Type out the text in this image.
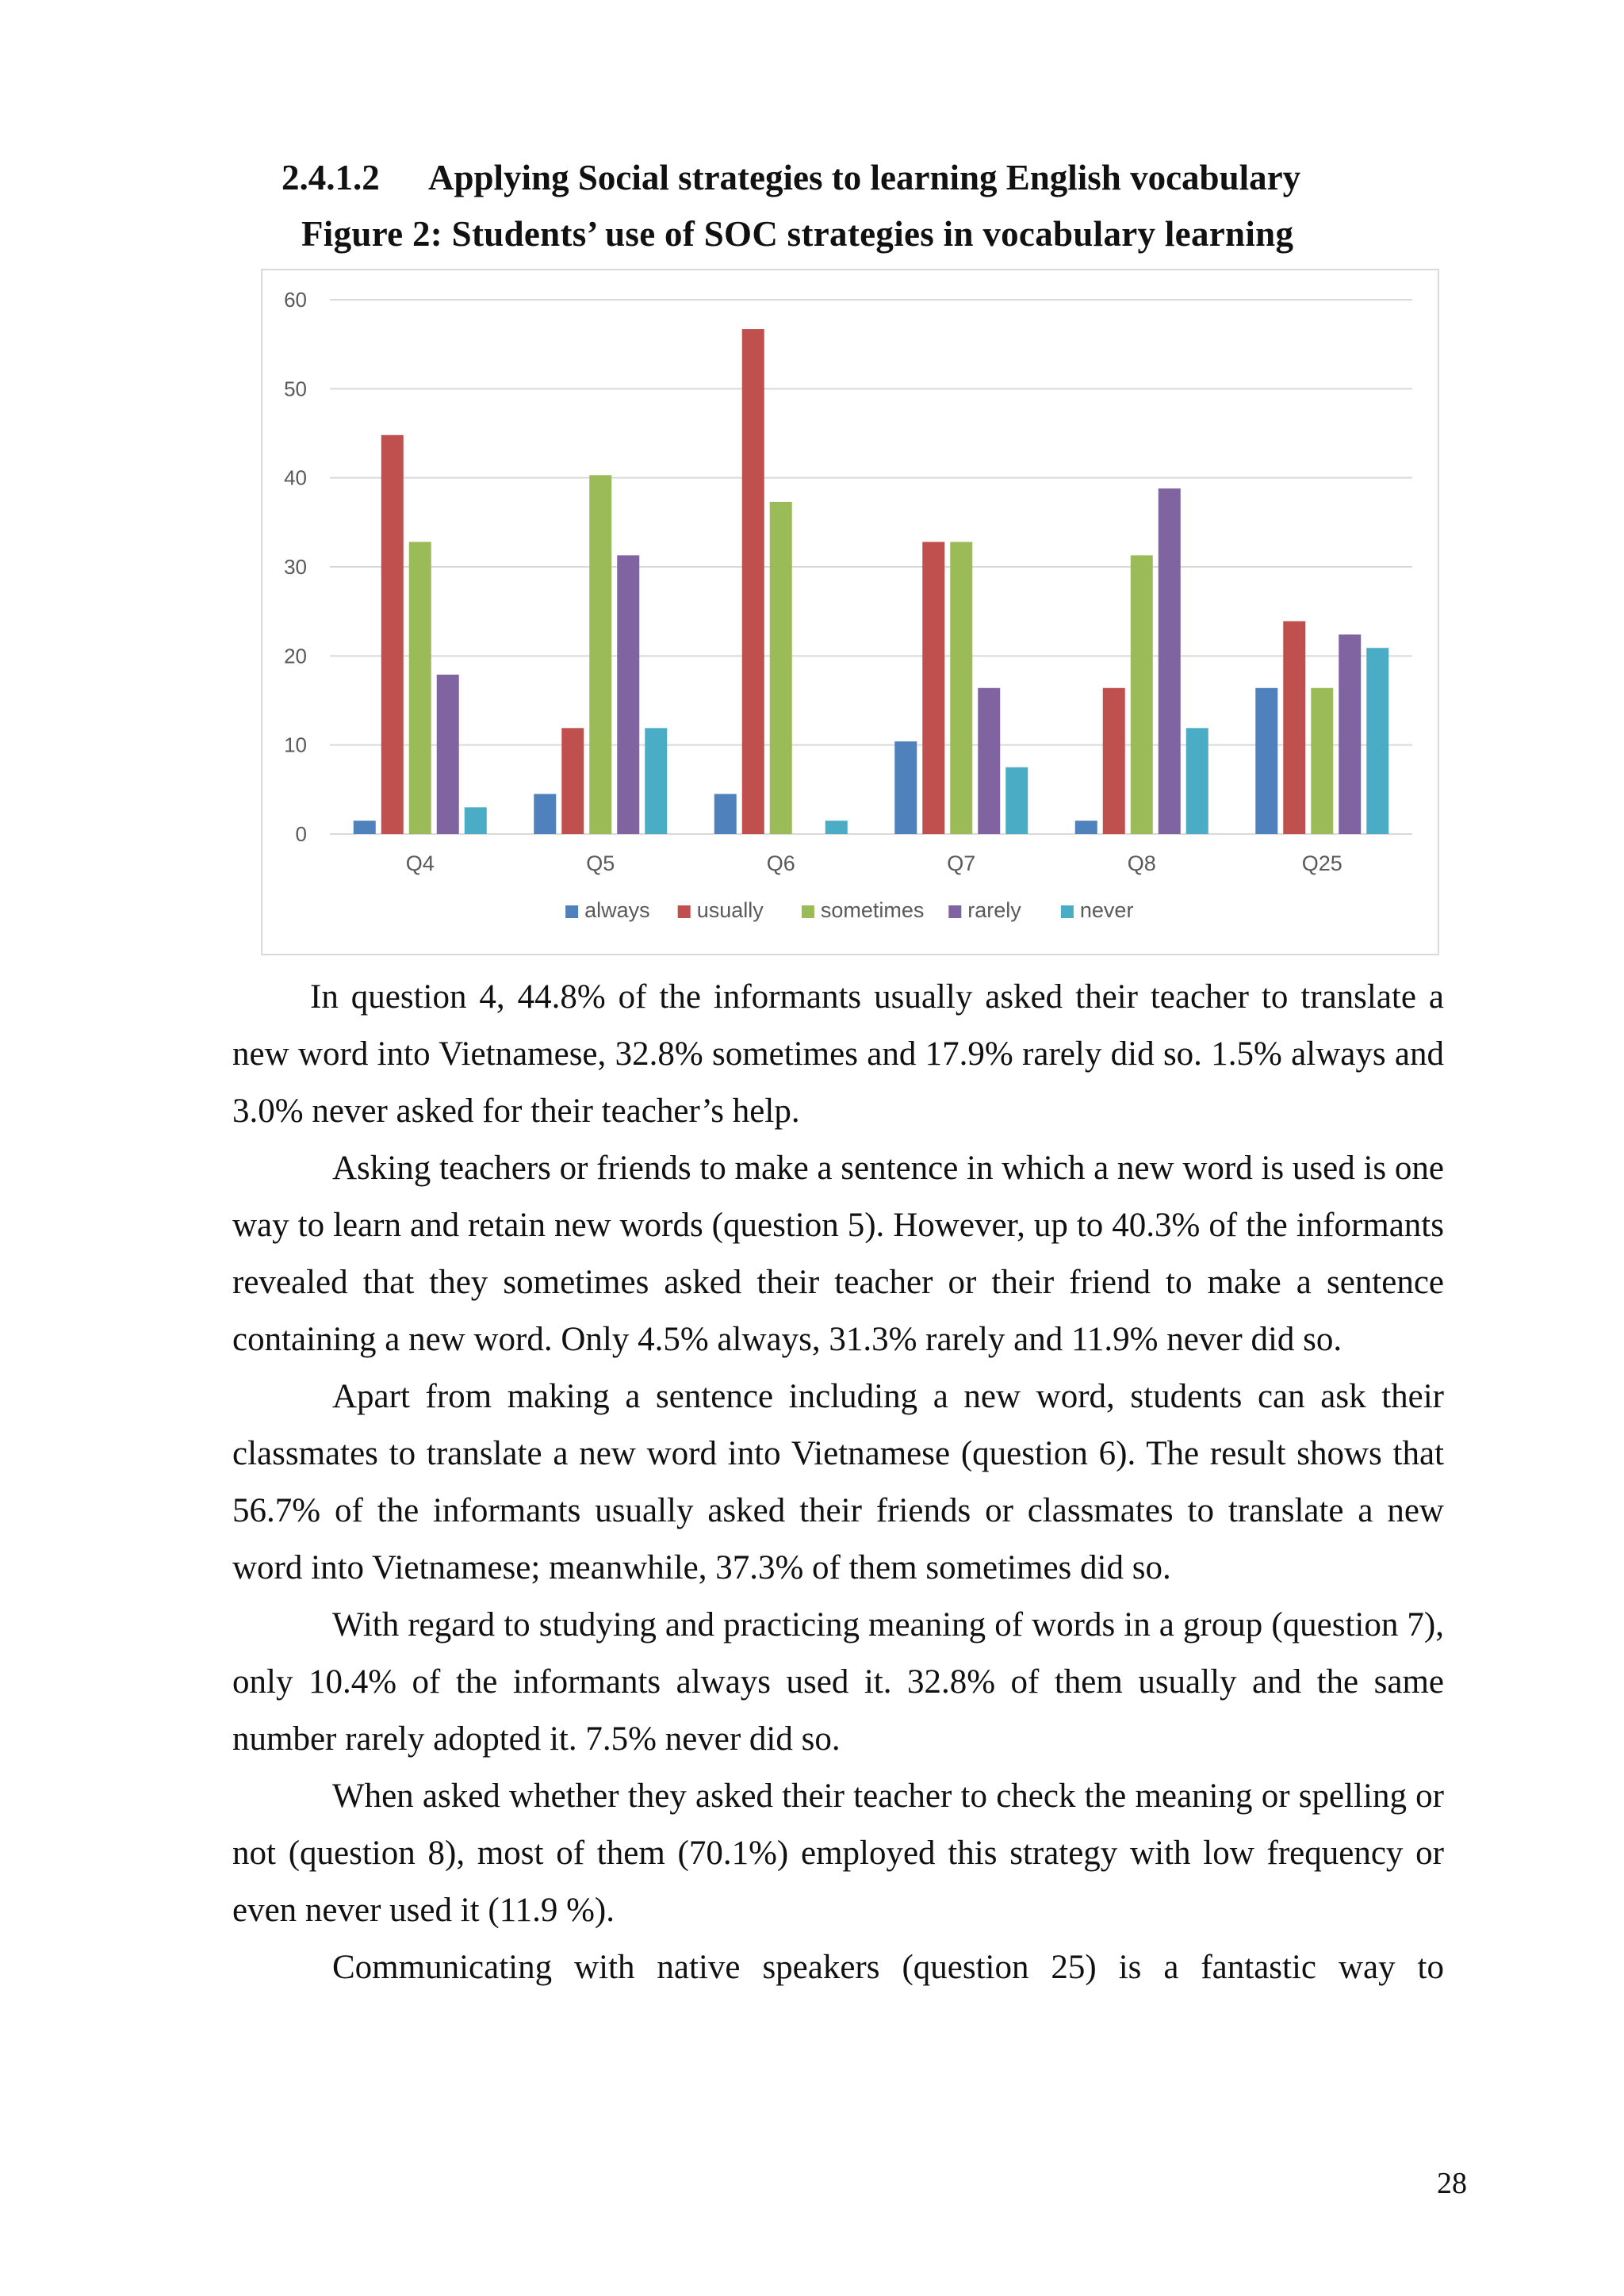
2.4.1.2 Applying Social strategies to learning English vocabulary
Figure 2: Students’ use of SOC strategies in vocabulary learning
0
10
20
30
40
50
60
Q4	Q5	Q6	Q7	Q8	Q25
always usually	sometimes rarely	never

In question 4, 44.8% of the informants usually asked their teacher to translate a new word into Vietnamese, 32.8% sometimes and 17.9% rarely did so. 1.5% always and 3.0% never asked for their teacher’s help.

Asking teachers or friends to make a sentence in which a new word is used is one way to learn and retain new words (question 5). However, up to 40.3% of the informants revealed that they sometimes asked their teacher or their friend to make a sentence containing a new word. Only 4.5% always, 31.3% rarely and 11.9% never did so.

Apart from making a sentence including a new word, students can ask their classmates to translate a new word into Vietnamese (question 6). The result shows that 56.7% of the informants usually asked their friends or classmates to translate a new word into Vietnamese; meanwhile, 37.3% of them sometimes did so.

With regard to studying and practicing meaning of words in a group (question 7), only 10.4% of the informants always used it. 32.8% of them usually and the same number rarely adopted it. 7.5% never did so.

When asked whether they asked their teacher to check the meaning or spelling or not (question 8), most of them (70.1%) employed this strategy with low frequency or even never used it (11.9 %).

Communicating with native speakers (question 25) is a fantastic way to

28
